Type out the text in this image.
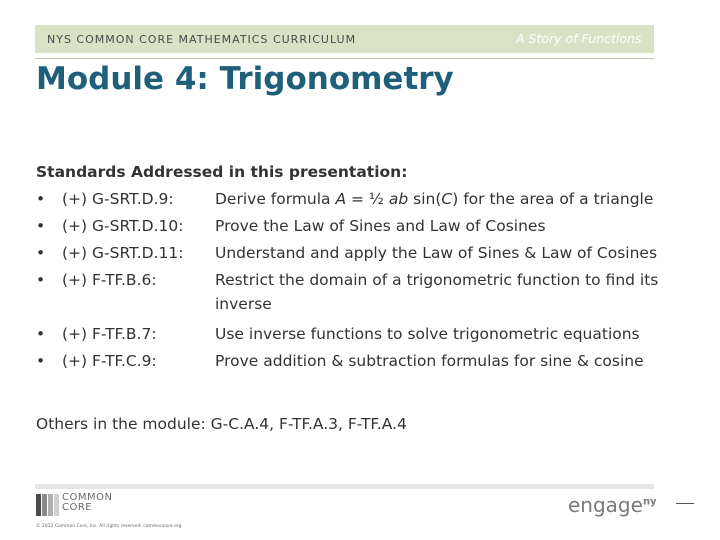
NYS COMMON CORE MATHEMATICS CURRICULUM	A Story of Functions
Module 4: Trigonometry
Standards Addressed in this presentation:
• (+) G-SRT.D.9:	Derive formula A = ½ ab sin(C) for the area of a triangle
• (+) G-SRT.D.10: Prove the Law of Sines and Law of Cosines
• (+) G-SRT.D.11: Understand and apply the Law of Sines & Law of Cosines
• (+) F-TF.B.6:	Restrict the domain of a trigonometric function to find its inverse
• (+) F-TF.B.7:	Use inverse functions to solve trigonometric equations
• (+) F-TF.C.9:	Prove addition & subtraction formulas for sine & cosine
Others in the module: G-C.A.4, F-TF.A.3, F-TF.A.4
COMMON
CORE
© 2012 Common Core, Inc. All rights reserved. commoncore.org
engage$^{ny}$
